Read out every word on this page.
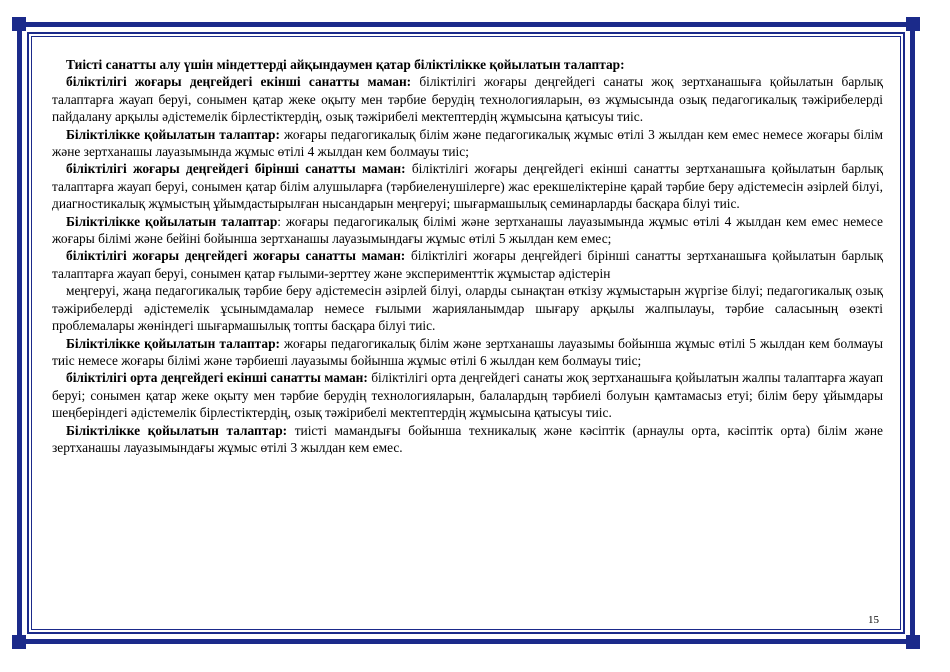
Тиісті санатты алу үшін міндеттерді айқындаумен қатар біліктілікке қойылатын талаптар:

біліктілігі жоғары деңгейдегі екінші санатты маман: біліктілігі жоғары деңгейдегі санаты жоқ зертханашыға қойылатын барлық талаптарға жауап беруі, сонымен қатар жеке оқыту мен тәрбие берудің технологияларын, өз жұмысында озық педагогикалық тәжірибелерді пайдалану арқылы әдістемелік бірлестіктердің, озық тәжірибелі мектептердің жұмысына қатысуы тиіс.

Біліктілікке қойылатын талаптар: жоғары педагогикалық білім және педагогикалық жұмыс өтілі 3 жылдан кем емес немесе жоғары білім және зертханашы лауазымында жұмыс өтілі 4 жылдан кем болмауы тиіс;

біліктілігі жоғары деңгейдегі бірінші санатты маман: біліктілігі жоғары деңгейдегі екінші санатты зертханашыға қойылатын барлық талаптарға жауап беруі, сонымен қатар білім алушыларға (тәрбиеленушілерге) жас ерекшеліктеріне қарай тәрбие беру әдістемесін әзірлей білуі, диагностикалық жұмыстың ұйымдастырылған нысандарын меңгеруі; шығармашылық семинарларды басқара білуі тиіс.

Біліктілікке қойылатын талаптар: жоғары педагогикалық білімі және зертханашы лауазымында жұмыс өтілі 4 жылдан кем емес немесе жоғары білімі және бейіні бойынша зертханашы лауазымындағы жұмыс өтілі 5 жылдан кем емес;

біліктілігі жоғары деңгейдегі жоғары санатты маман: біліктілігі жоғары деңгейдегі бірінші санатты зертханашыға қойылатын барлық талаптарға жауап беруі, сонымен қатар ғылыми-зерттеу және эксперименттік жұмыстар әдістерін

меңгеруі, жаңа педагогикалық тәрбие беру әдістемесін әзірлей білуі, оларды сынақтан өткізу жұмыстарын жүргізе білуі; педагогикалық озық тәжірибелерді әдістемелік ұсынымдамалар немесе ғылыми жарияланымдар шығару арқылы жалпылауы, тәрбие саласының өзекті проблемалары жөніндегі шығармашылық топты басқара білуі тиіс.

Біліктілікке қойылатын талаптар: жоғары педагогикалық білім және зертханашы лауазымы бойынша жұмыс өтілі 5 жылдан кем болмауы тиіс немесе жоғары білімі және тәрбиеші лауазымы бойынша жұмыс өтілі 6 жылдан кем болмауы тиіс;

біліктілігі орта деңгейдегі екінші санатты маман: біліктілігі орта деңгейдегі санаты жоқ зертханашыға қойылатын жалпы талаптарға жауап беруі; сонымен қатар жеке оқыту мен тәрбие берудің технологияларын, балалардың тәрбиелі болуын қамтамасыз етуі; білім беру ұйымдары шеңберіндегі әдістемелік бірлестіктердің, озық тәжірибелі мектептердің жұмысына қатысуы тиіс.

Біліктілікке қойылатын талаптар: тиісті мамандығы бойынша техникалық және кәсіптік (арнаулы орта, кәсіптік орта) білім және зертханашы лауазымындағы жұмыс өтілі 3 жылдан кем емес.

15
